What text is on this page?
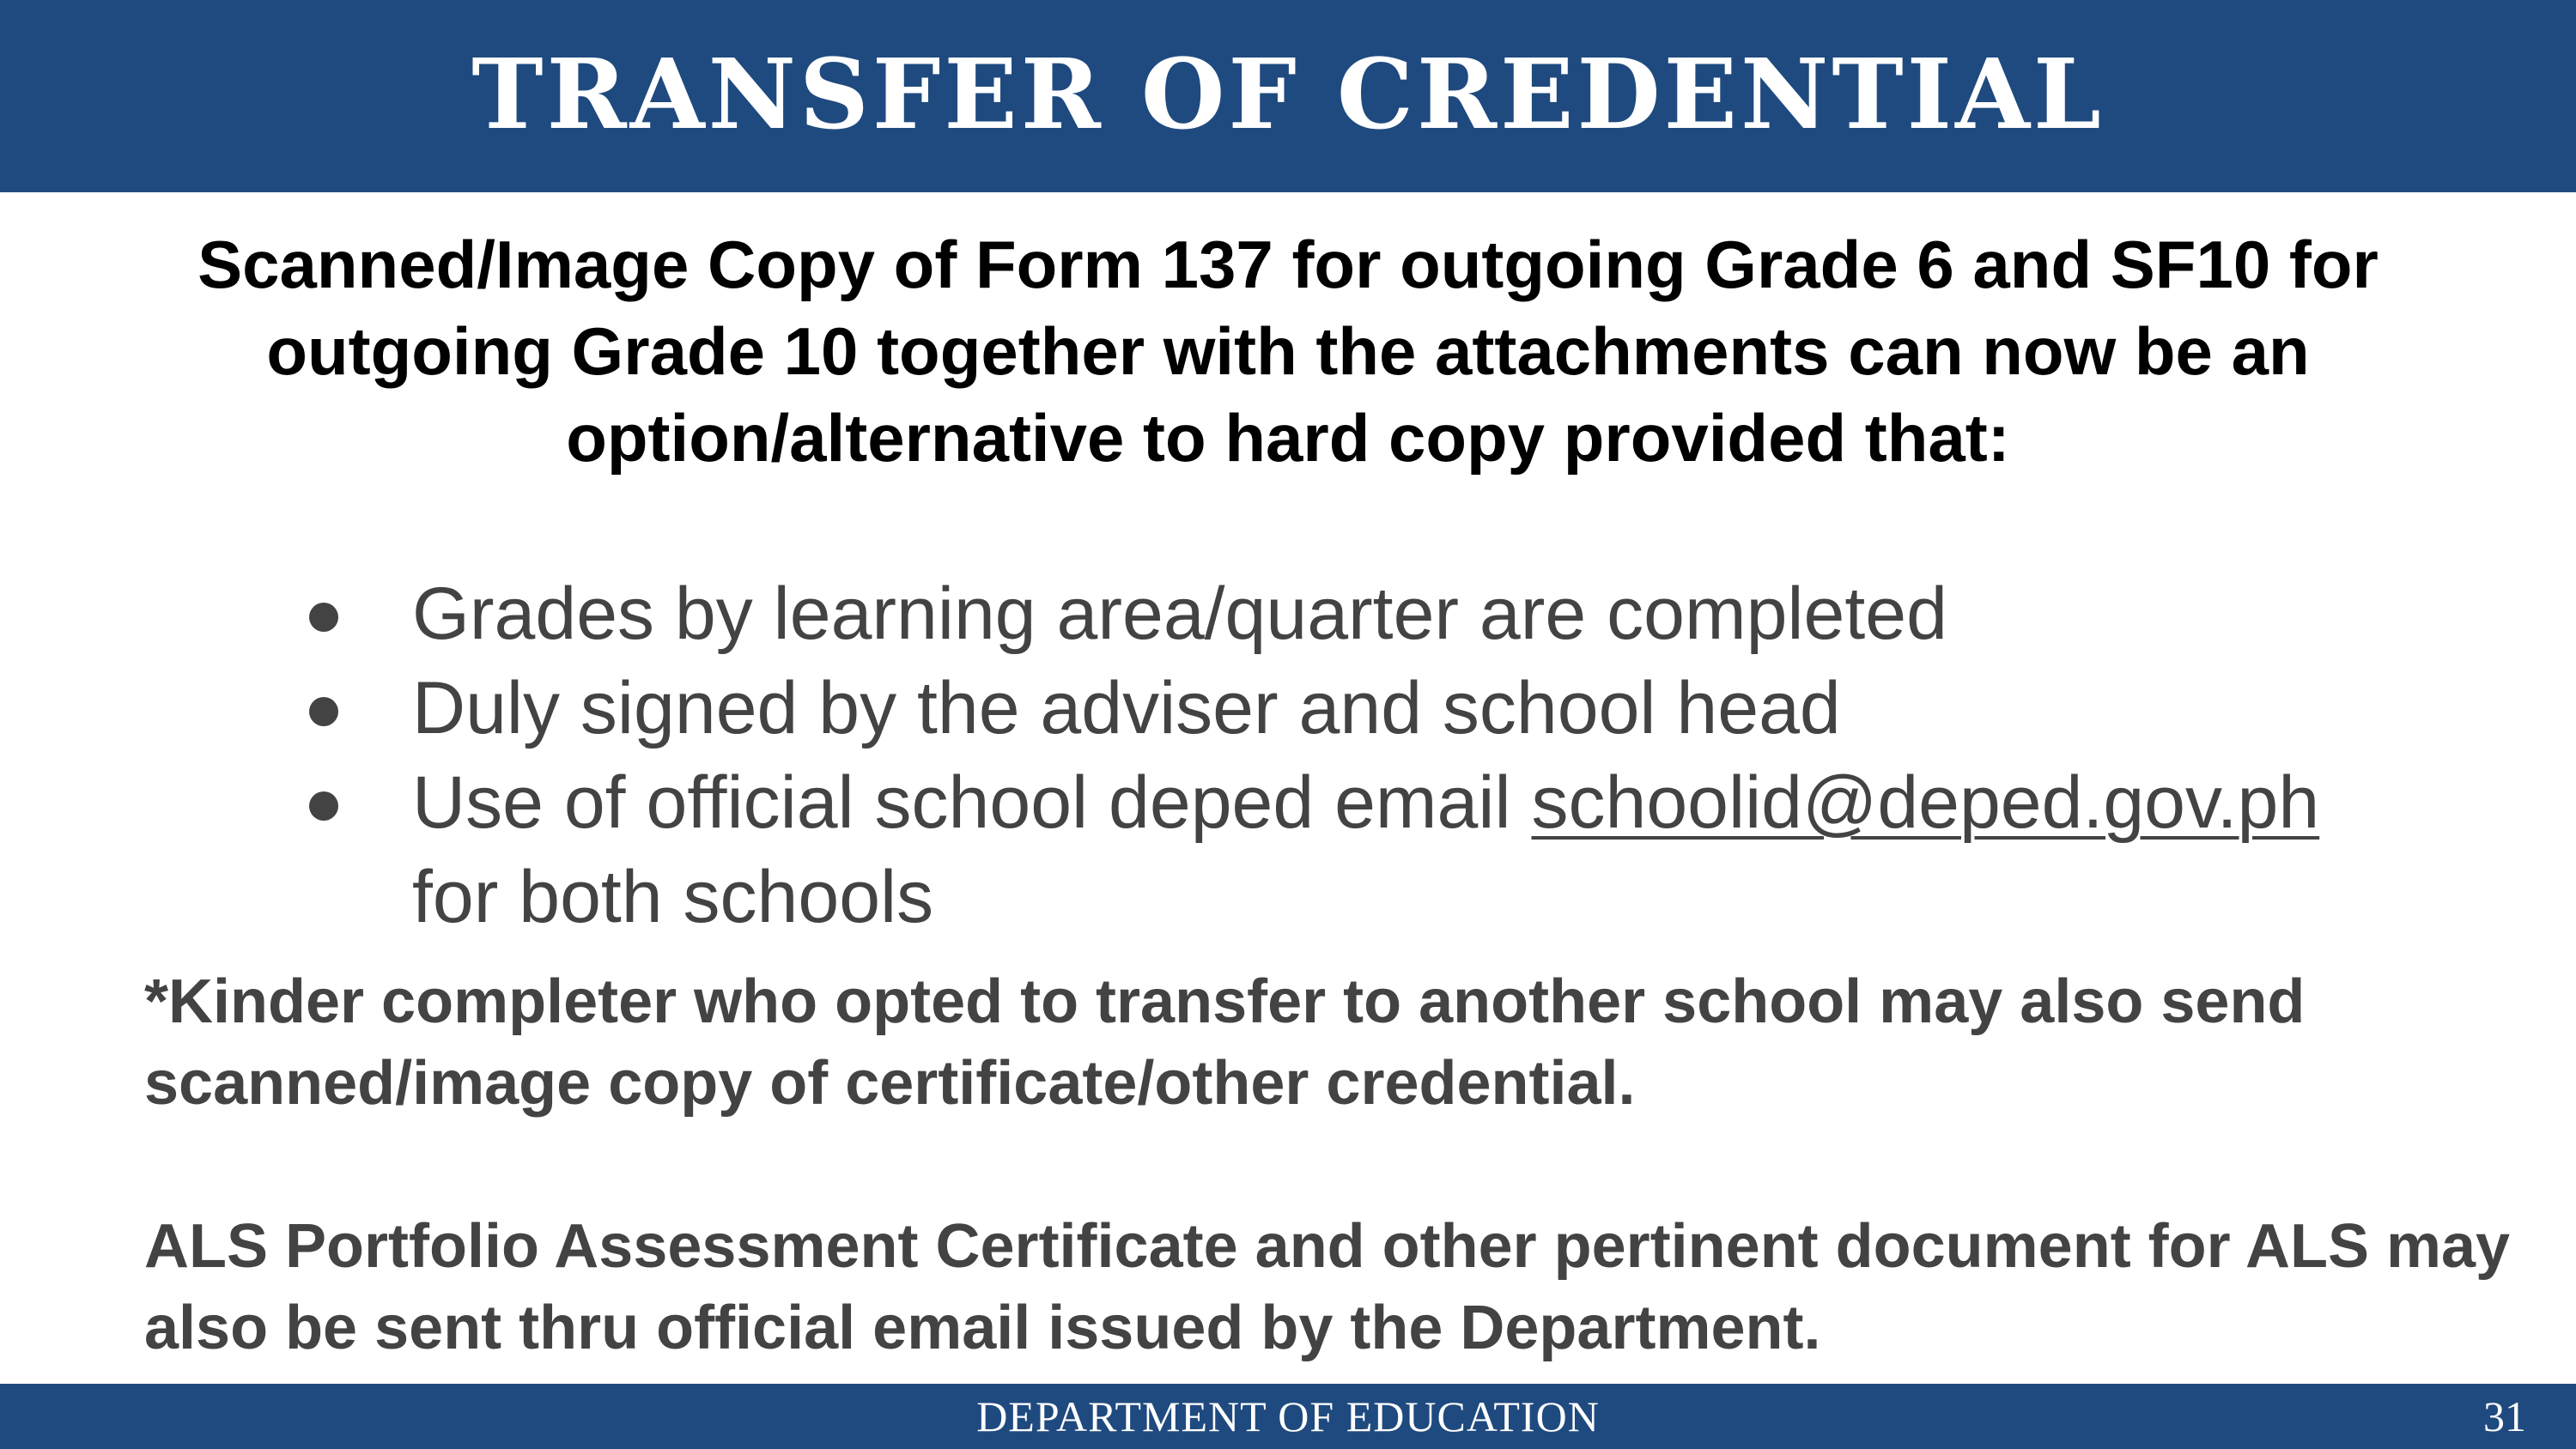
TRANSFER OF CREDENTIAL
Scanned/Image Copy of Form 137 for outgoing Grade 6 and SF10 for outgoing Grade 10 together with the attachments can now be an option/alternative to hard copy provided that:
Grades by learning area/quarter are completed
Duly signed by the adviser and school head
Use of official school deped email schoolid@deped.gov.ph
for both schools

*Kinder completer who opted to transfer to another school may also send scanned/image copy of certificate/other credential.

ALS Portfolio Assessment Certificate and other pertinent document for ALS may also be sent thru official email issued by the Department.

DEPARTMENT OF EDUCATION	31
